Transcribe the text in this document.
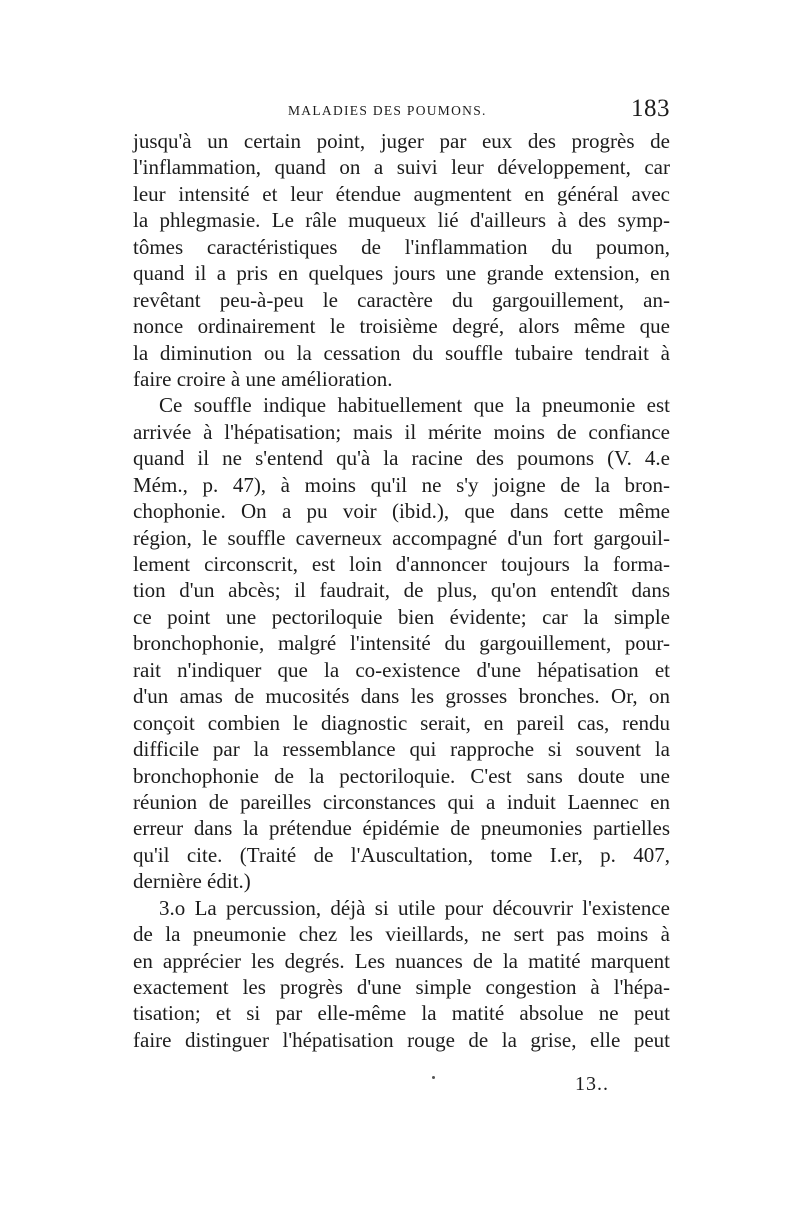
MALADIES DES POUMONS.	183
jusqu'à un certain point, juger par eux des progrès de
l'inflammation, quand on a suivi leur développement, car
leur intensité et leur étendue augmentent en général avec
la phlegmasie. Le râle muqueux lié d'ailleurs à des symp-
tômes caractéristiques de l'inflammation du poumon,
quand il a pris en quelques jours une grande extension, en
revêtant peu-à-peu le caractère du gargouillement, an-
nonce ordinairement le troisième degré, alors même que
la diminution ou la cessation du souffle tubaire tendrait à
faire croire à une amélioration.
Ce souffle indique habituellement que la pneumonie est
arrivée à l'hépatisation; mais il mérite moins de confiance
quand il ne s'entend qu'à la racine des poumons (V. 4.e
Mém., p. 47), à moins qu'il ne s'y joigne de la bron-
chophonie. On a pu voir (ibid.), que dans cette même
région, le souffle caverneux accompagné d'un fort gargouil-
lement circonscrit, est loin d'annoncer toujours la forma-
tion d'un abcès; il faudrait, de plus, qu'on entendît dans
ce point une pectoriloquie bien évidente; car la simple
bronchophonie, malgré l'intensité du gargouillement, pour-
rait n'indiquer que la co-existence d'une hépatisation et
d'un amas de mucosités dans les grosses bronches. Or, on
conçoit combien le diagnostic serait, en pareil cas, rendu
difficile par la ressemblance qui rapproche si souvent la
bronchophonie de la pectoriloquie. C'est sans doute une
réunion de pareilles circonstances qui a induit Laennec en
erreur dans la prétendue épidémie de pneumonies partielles
qu'il cite. (Traité de l'Auscultation, tome I.er, p. 407,
dernière édit.)
3.o La percussion, déjà si utile pour découvrir l'existence
de la pneumonie chez les vieillards, ne sert pas moins à
en apprécier les degrés. Les nuances de la matité marquent
exactement les progrès d'une simple congestion à l'hépa-
tisation; et si par elle-même la matité absolue ne peut
faire distinguer l'hépatisation rouge de la grise, elle peut
13..
